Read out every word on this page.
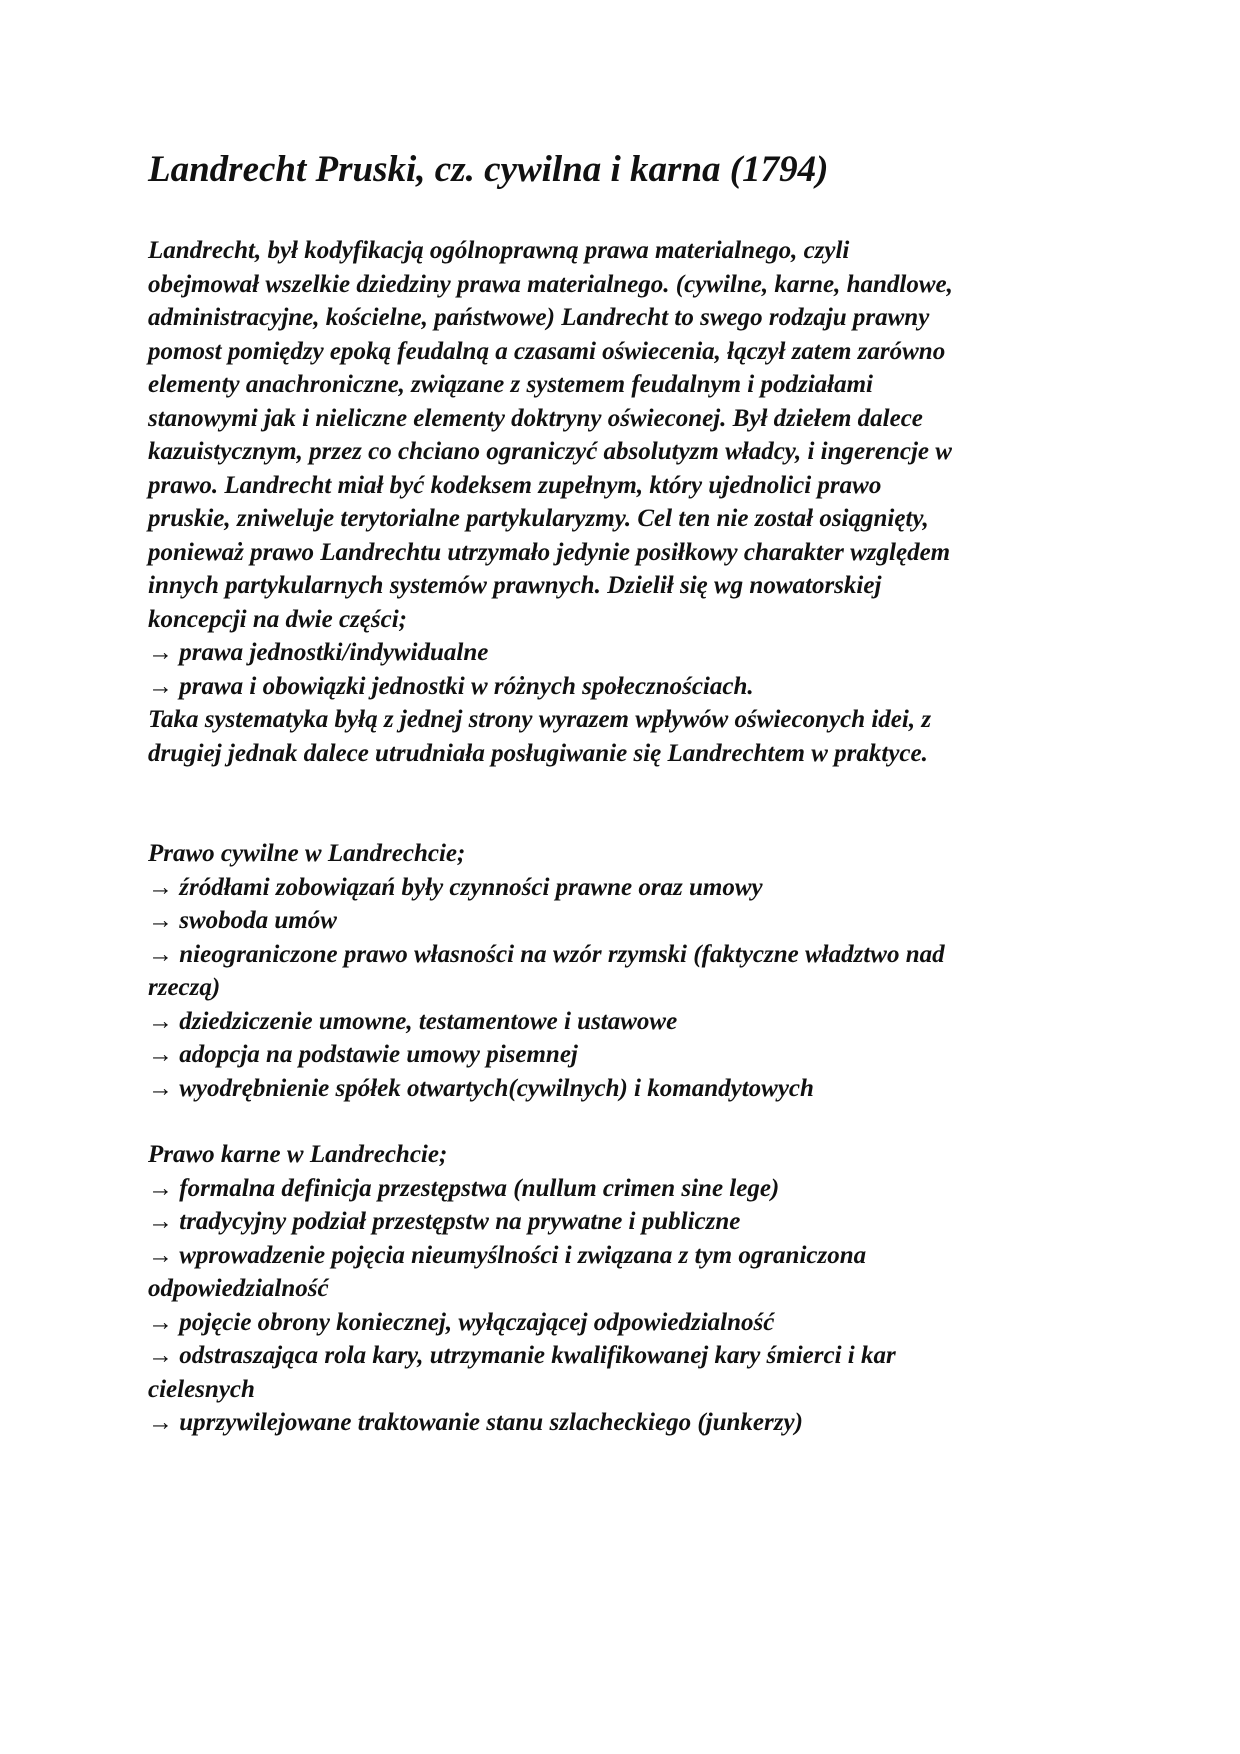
Landrecht Pruski, cz. cywilna i karna (1794)
Landrecht, był kodyfikacją ogólnoprawną prawa materialnego, czyli
obejmował wszelkie dziedziny prawa materialnego. (cywilne, karne, handlowe,
administracyjne, kościelne, państwowe) Landrecht to swego rodzaju prawny
pomost pomiędzy epoką feudalną a czasami oświecenia, łączył zatem zarówno
elementy anachroniczne, związane z systemem feudalnym i podziałami
stanowymi jak i nieliczne elementy doktryny oświeconej. Był dziełem dalece
kazuistycznym, przez co chciano ograniczyć absolutyzm władcy, i ingerencje w
prawo. Landrecht miał być kodeksem zupełnym, który ujednolici prawo
pruskie, zniweluje terytorialne partykularyzmy. Cel ten nie został osiągnięty,
ponieważ prawo Landrechtu utrzymało jedynie posiłkowy charakter względem
innych partykularnych systemów prawnych. Dzielił się wg nowatorskiej
koncepcji na dwie części;
→ prawa jednostki/indywidualne
→ prawa i obowiązki jednostki w różnych społecznościach.
Taka systematyka byłą z jednej strony wyrazem wpływów oświeconych idei, z
drugiej jednak dalece utrudniała posługiwanie się Landrechtem w praktyce.
Prawo cywilne w Landrechcie;
→ źródłami zobowiązań były czynności prawne oraz umowy
→ swoboda umów
→ nieograniczone prawo własności na wzór rzymski (faktyczne władztwo nad
rzeczą)
→ dziedziczenie umowne, testamentowe i ustawowe
→ adopcja na podstawie umowy pisemnej
→ wyodrębnienie spółek otwartych(cywilnych) i komandytowych
Prawo karne w Landrechcie;
→ formalna definicja przestępstwa (nullum crimen sine lege)
→ tradycyjny podział przestępstw na prywatne i publiczne
→ wprowadzenie pojęcia nieumyślności i związana z tym ograniczona
odpowiedzialność
→ pojęcie obrony koniecznej, wyłączającej odpowiedzialność
→ odstraszająca rola kary, utrzymanie kwalifikowanej kary śmierci i kar
cielesnych
→ uprzywilejowane traktowanie stanu szlacheckiego (junkerzy)
